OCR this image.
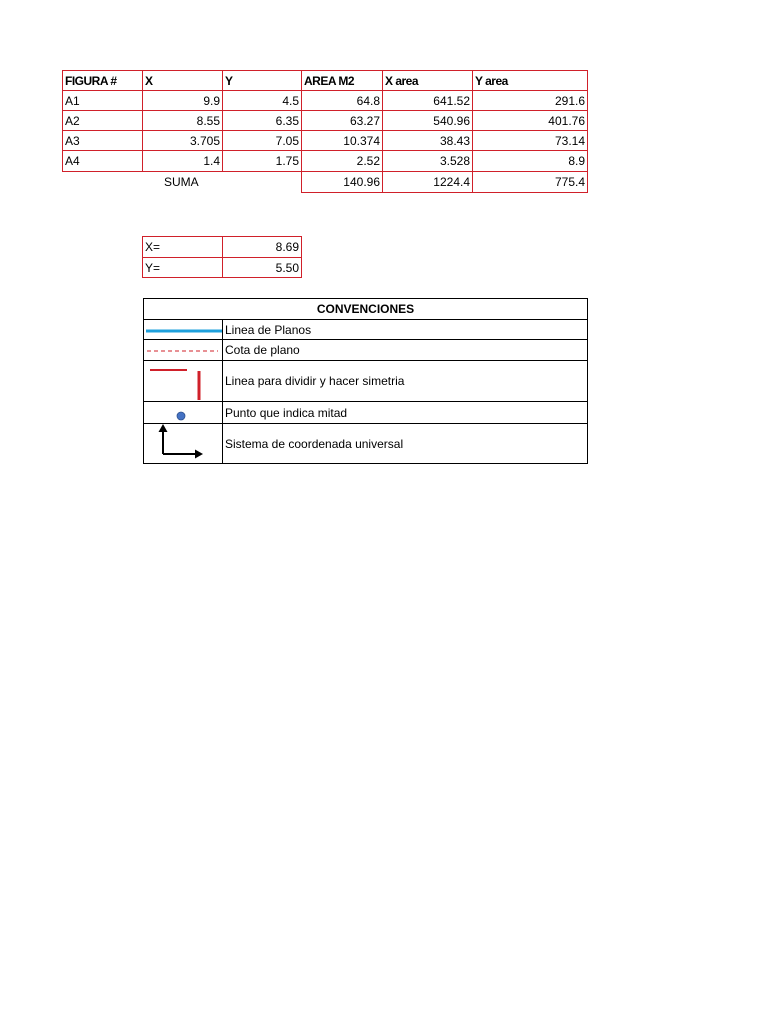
FIGURA #	X	Y	AREA M2	X area	Y area
A1	9.9	4.5	64.8	641.52	291.6
A2	8.55	6.35	63.27	540.96	401.76
A3	3.705	7.05	10.374	38.43	73.14
A4	1.4	1.75	2.52	3.528	8.9
SUMA	140.96	1224.4	775.4
X=	8.69
Y=	5.50
CONVENCIONES
Linea de Planos
Cota de plano
Linea para dividir y hacer simetria
Punto que indica mitad
Sistema de coordenada universal
